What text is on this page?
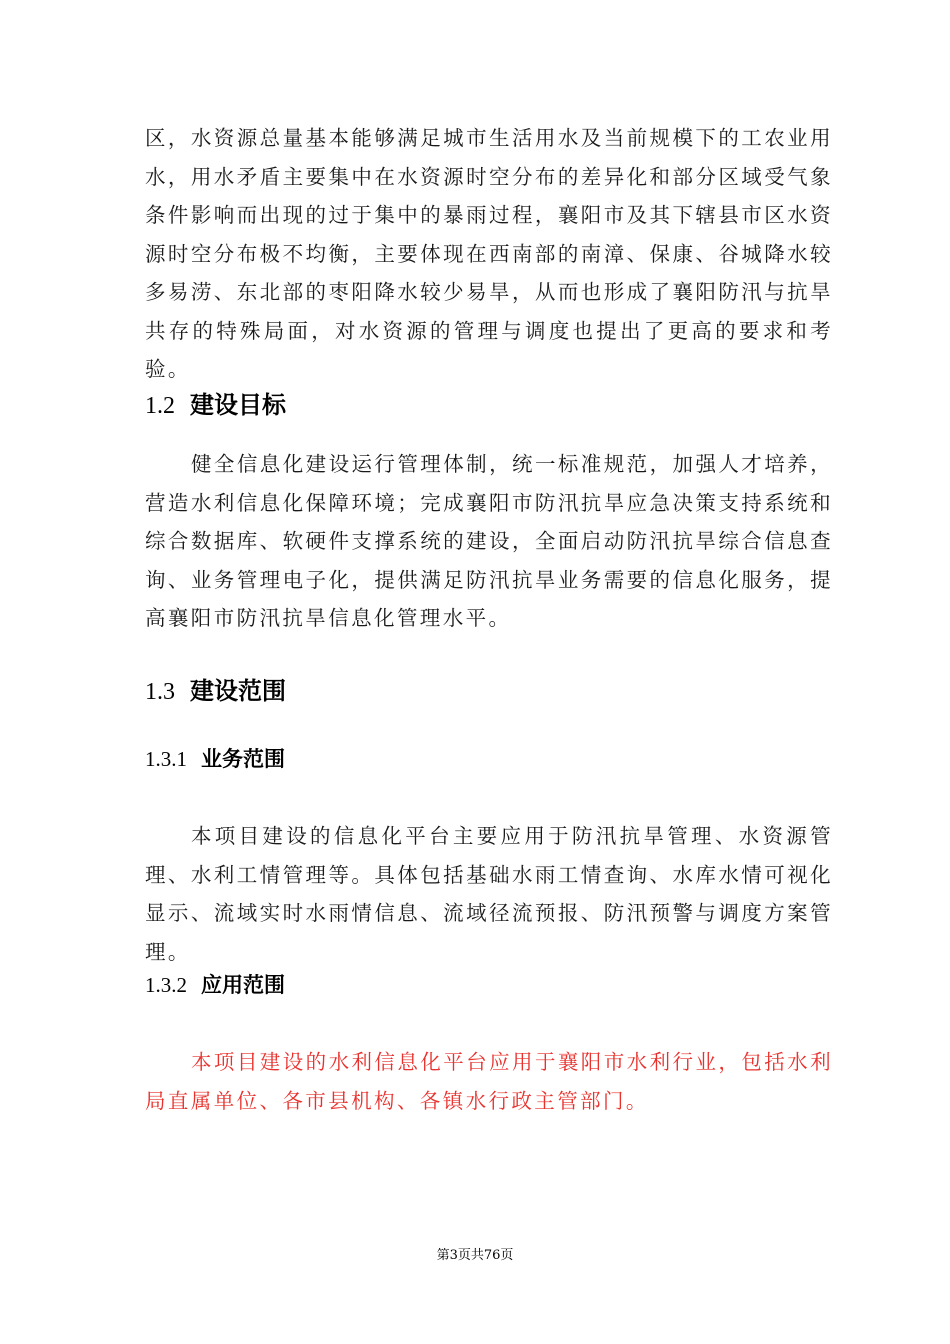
区，水资源总量基本能够满足城市生活用水及当前规模下的工农业用水，用水矛盾主要集中在水资源时空分布的差异化和部分区域受气象条件影响而出现的过于集中的暴雨过程，襄阳市及其下辖县市区水资源时空分布极不均衡，主要体现在西南部的南漳、保康、谷城降水较多易涝、东北部的枣阳降水较少易旱，从而也形成了襄阳防汛与抗旱共存的特殊局面，对水资源的管理与调度也提出了更高的要求和考验。

1.2 建设目标

健全信息化建设运行管理体制，统一标准规范，加强人才培养，营造水利信息化保障环境；完成襄阳市防汛抗旱应急决策支持系统和综合数据库、软硬件支撑系统的建设，全面启动防汛抗旱综合信息查询、业务管理电子化，提供满足防汛抗旱业务需要的信息化服务，提高襄阳市防汛抗旱信息化管理水平。

1.3 建设范围
1.3.1 业务范围

本项目建设的信息化平台主要应用于防汛抗旱管理、水资源管理、水利工情管理等。具体包括基础水雨工情查询、水库水情可视化显示、流域实时水雨情信息、流域径流预报、防汛预警与调度方案管理。

1.3.2 应用范围

本项目建设的水利信息化平台应用于襄阳市水利行业，包括水利局直属单位、各市县机构、各镇水行政主管部门。

第3页共76页
